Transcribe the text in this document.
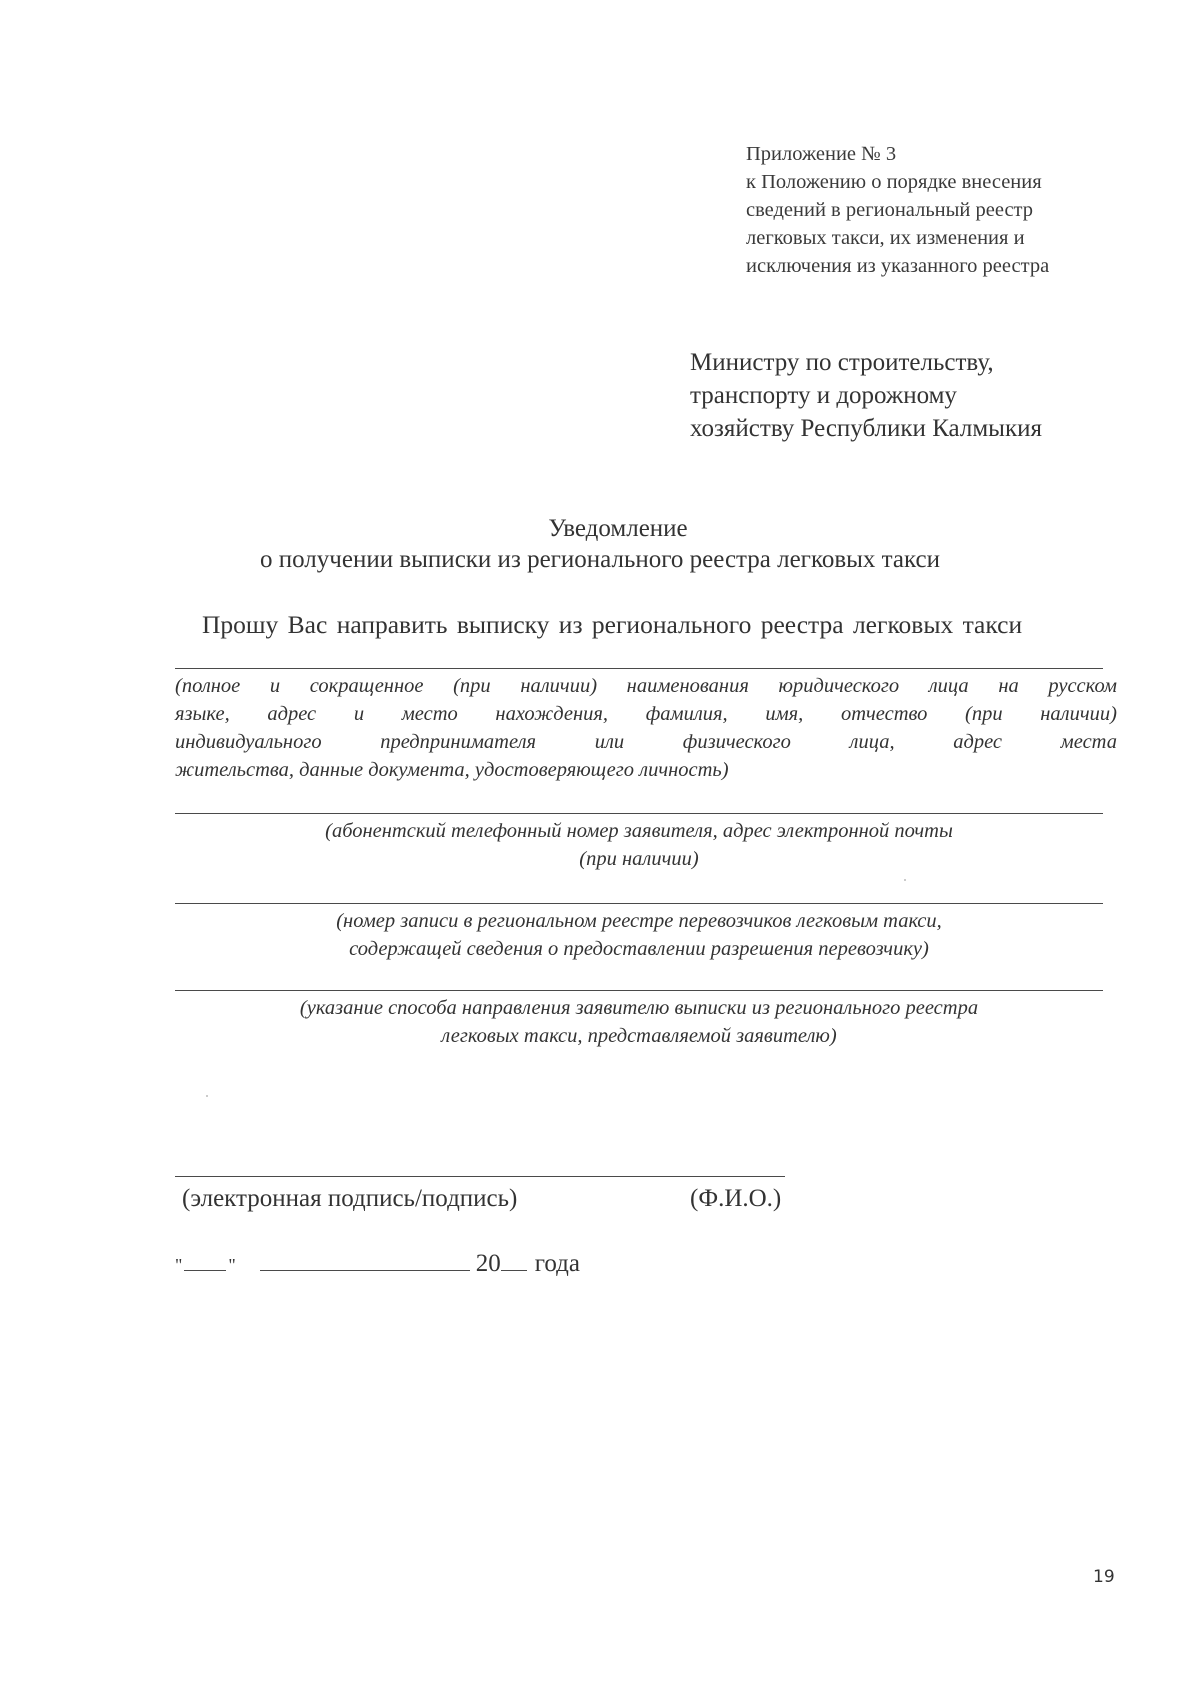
Приложение № 3
к Положению о порядке внесения
сведений в региональный реестр
легковых такси, их изменения и
исключения из указанного реестра
Министру по строительству,
транспорту и дорожному
хозяйству Республики Калмыкия
Уведомление
о получении выписки из регионального реестра легковых такси
Прошу Вас направить выписку из регионального реестра легковых такси
(полное и сокращенное (при наличии) наименования юридического лица на русском
языке, адрес и место нахождения, фамилия, имя, отчество (при наличии)
индивидуального	предпринимателя	или	физического	лица,	адрес	места
жительства, данные документа, удостоверяющего личность)
(абонентский телефонный номер заявителя, адрес электронной почты
(при наличии)
(номер записи в региональном реестре перевозчиков легковым такси,
содержащей сведения о предоставлении разрешения перевозчику)
(указание способа направления заявителю выписки из регионального реестра
легковых такси, представляемой заявителю)
(электронная подпись/подпись)	(Ф.И.О.)
"	"	20 года
19
